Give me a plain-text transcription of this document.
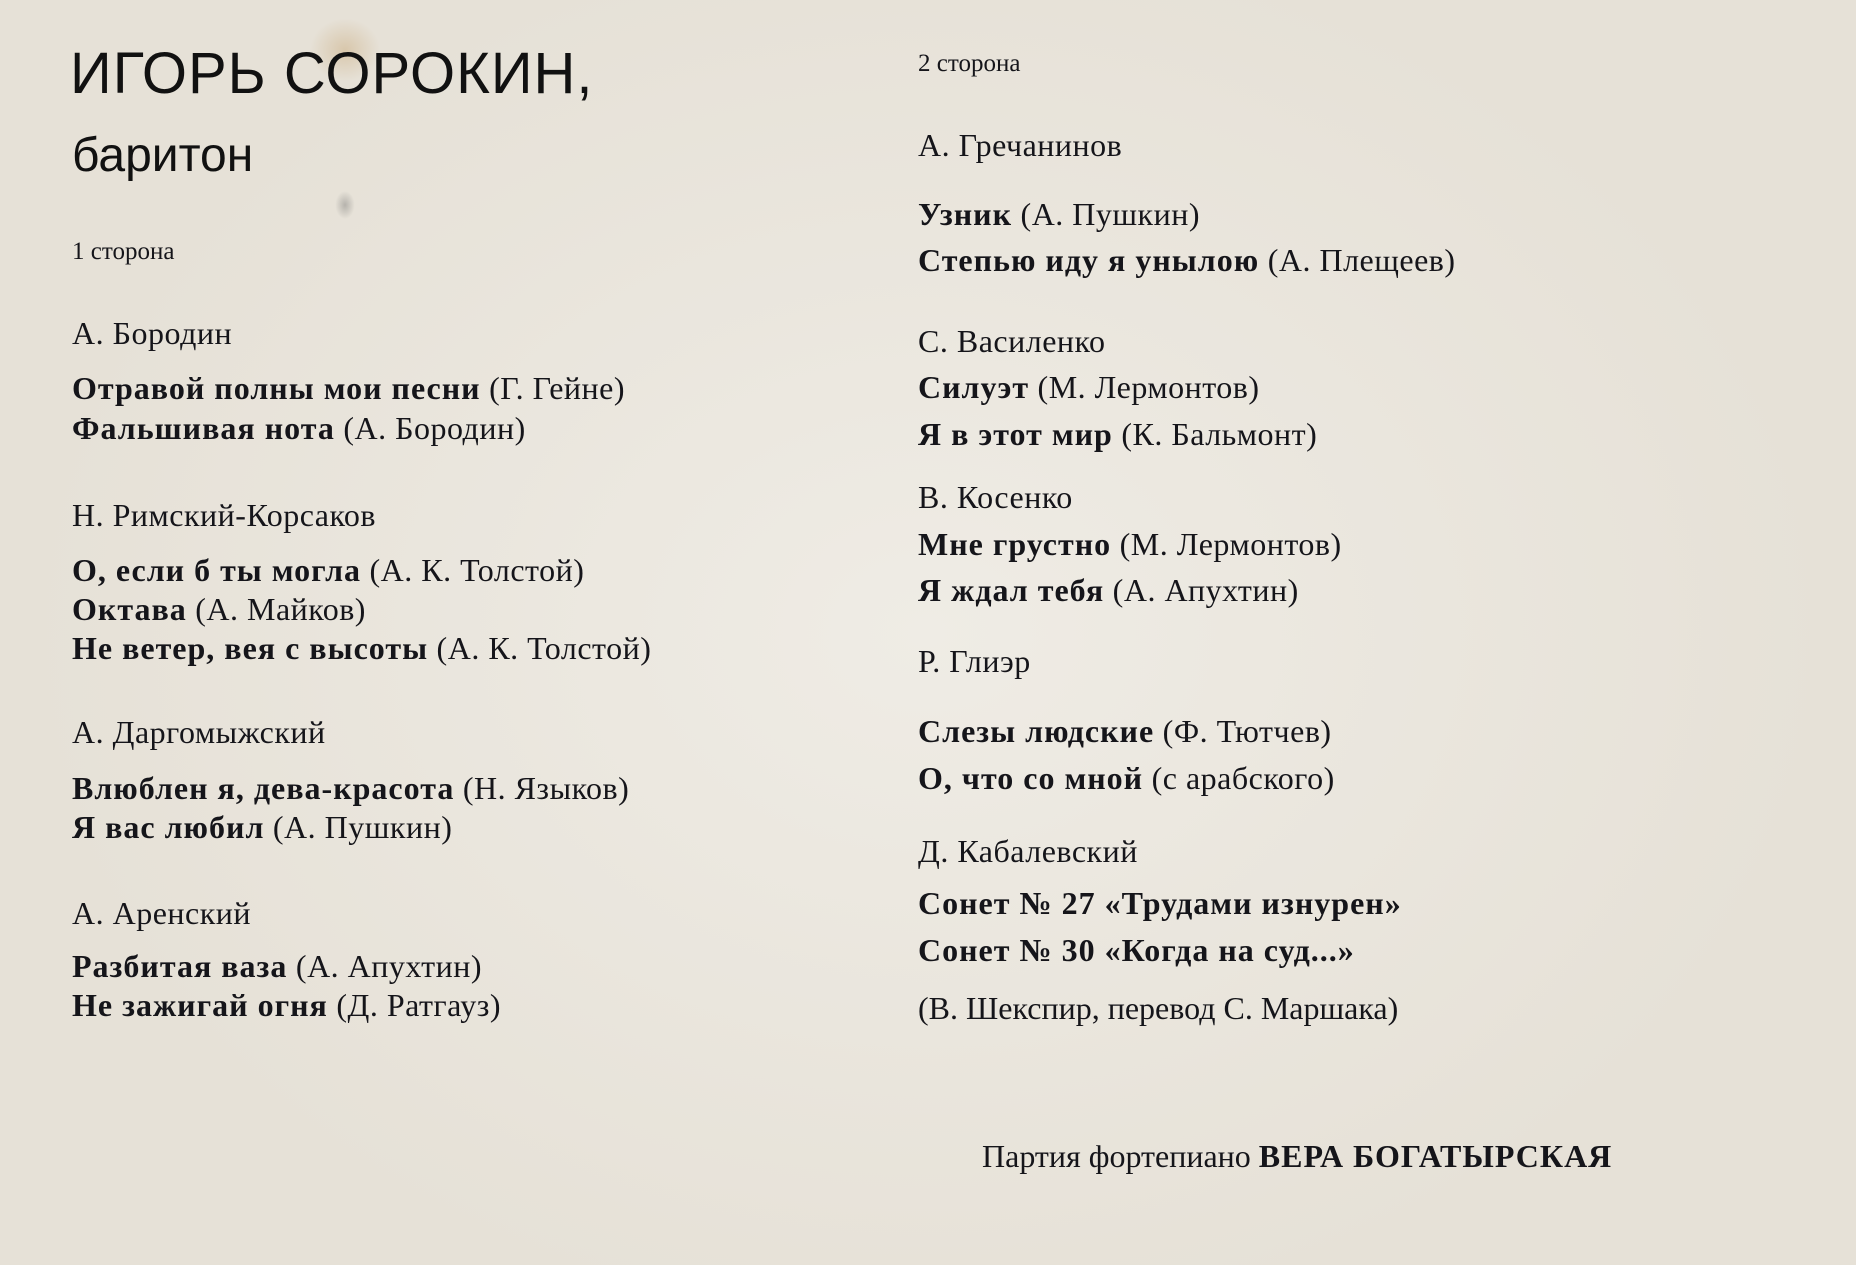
ИГОРЬ СОРОКИН,
баритон
1 сторона
А. Бородин
Отравой полны мои песни (Г. Гейне)
Фальшивая нота (А. Бородин)
Н. Римский-Корсаков
О, если б ты могла (А. К. Толстой)
Октава (А. Майков)
Не ветер, вея с высоты (А. К. Толстой)
А. Даргомыжский
Влюблен я, дева-красота (Н. Языков)
Я вас любил (А. Пушкин)
А. Аренский
Разбитая ваза (А. Апухтин)
Не зажигай огня (Д. Ратгауз)
2 сторона
А. Гречанинов
Узник (А. Пушкин)
Степью иду я унылою (А. Плещеев)
С. Василенко
Силуэт (М. Лермонтов)
Я в этот мир (К. Бальмонт)
В. Косенко
Мне грустно (М. Лермонтов)
Я ждал тебя (А. Апухтин)
Р. Глиэр
Слезы людские (Ф. Тютчев)
О, что со мной (с арабского)
Д. Кабалевский
Сонет № 27 «Трудами изнурен»
Сонет № 30 «Когда на суд...»
(В. Шекспир, перевод С. Маршака)
Партия фортепиано ВЕРА БОГАТЫРСКАЯ
